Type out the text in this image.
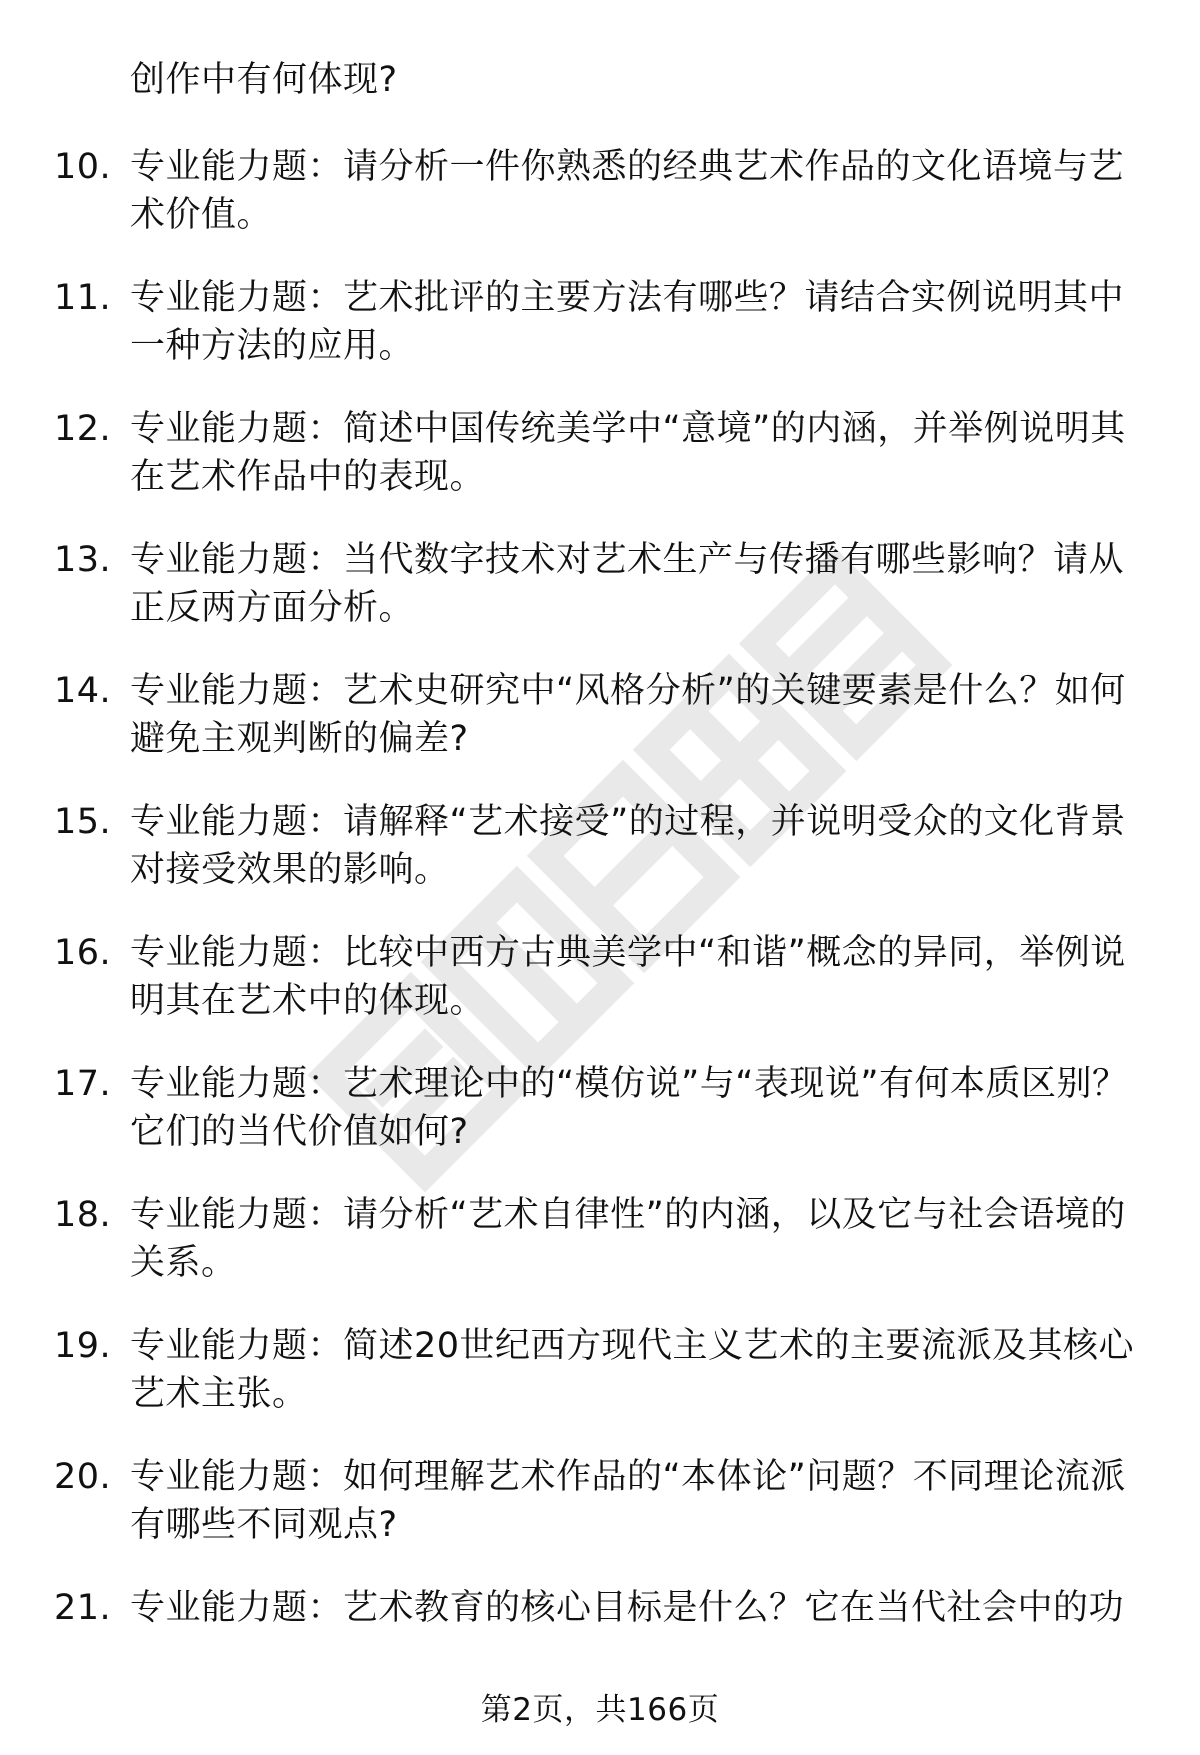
创作中有何体现?
10. 专业能力题：请分析一件你熟悉的经典艺术作品的文化语境与艺术价值。
11. 专业能力题：艺术批评的主要方法有哪些？请结合实例说明其中一种方法的应用。
12. 专业能力题：简述中国传统美学中“意境”的内涵，并举例说明其在艺术作品中的表现。
13. 专业能力题：当代数字技术对艺术生产与传播有哪些影响？请从正反两方面分析。
14. 专业能力题：艺术史研究中“风格分析”的关键要素是什么？如何避免主观判断的偏差?
15. 专业能力题：请解释“艺术接受”的过程，并说明受众的文化背景对接受效果的影响。
16. 专业能力题：比较中西方古典美学中“和谐”概念的异同，举例说明其在艺术中的体现。
17. 专业能力题：艺术理论中的“模仿说”与“表现说”有何本质区别？它们的当代价值如何?
18. 专业能力题：请分析“艺术自律性”的内涵，以及它与社会语境的关系。
19. 专业能力题：简述20世纪西方现代主义艺术的主要流派及其核心艺术主张。
20. 专业能力题：如何理解艺术作品的“本体论”问题？不同理论流派有哪些不同观点?
21. 专业能力题：艺术教育的核心目标是什么？它在当代社会中的功
第2页，共166页
